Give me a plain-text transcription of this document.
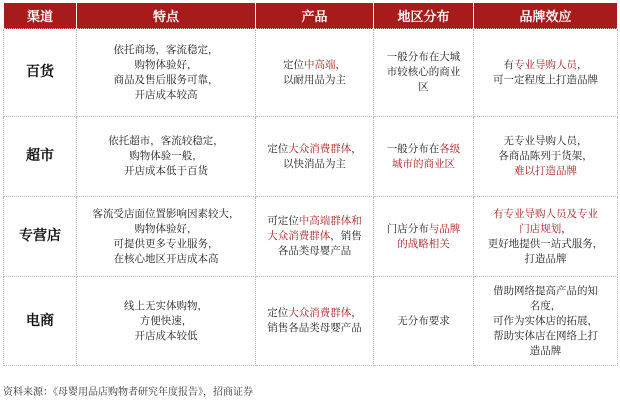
渠道	特点	产品	地区分布	品牌效应
百货	依托商场，客流稳定，
购物体验好，
商品及售后服务可靠，
开店成本较高	定位中高端，
以耐用品为主	一般分布在大城
市较核心的商业
区	有专业导购人员，
可一定程度上打造品牌

超市	依托超市，客流较稳定，
购物体验一般，
开店成本低于百货	定位大众消费群体，
以快消品为主	一般分布在各级
城市的商业区	无专业导购人员，
各商品陈列于货架，
难以打造品牌

专营店	客流受店面位置影响因素较大，
购物体验好，
可提供更多专业服务，
在核心地区开店成本高	可定位中高端群体和
大众消费群体，销售
各品类母婴产品	门店分布与品牌
的战略相关	有专业导购人员及专业
门店规划，
更好地提供一站式服务，
打造品牌

电商	线上无实体购物，
方便快速，
开店成本较低	定位大众消费群体，
销售各品类母婴产品	无分布要求	借助网络提高产品的知
名度，
可作为实体店的拓展，
帮助实体店在网络上打
造品牌
资料来源：《母婴用品店购物者研究年度报告》，招商证券
